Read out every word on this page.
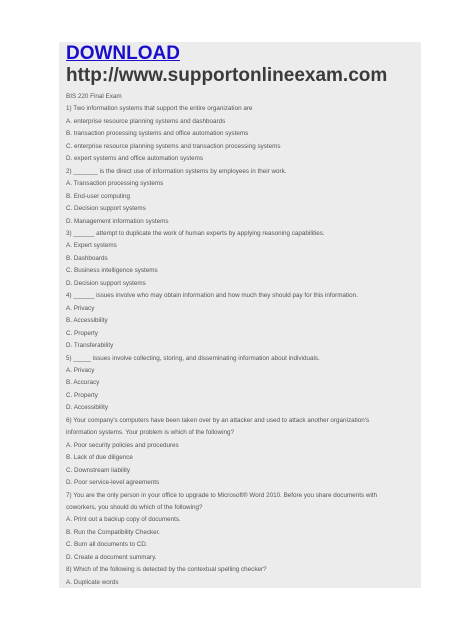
DOWNLOAD
http://www.supportonlineexam.com
BIS 220 Final Exam
1) Two information systems that support the entire organization are
A. enterprise resource planning systems and dashboards
B. transaction processing systems and office automation systems
C. enterprise resource planning systems and transaction processing systems
D. expert systems and office automation systems
2) _______ is the direct use of information systems by employees in their work.
A. Transaction processing systems
B. End-user computing
C. Decision support systems
D. Management information systems
3) ______ attempt to duplicate the work of human experts by applying reasoning capabilities.
A. Expert systems
B. Dashboards
C. Business intelligence systems
D. Decision support systems
4) ______ issues involve who may obtain information and how much they should pay for this information.
A. Privacy
B. Accessibility
C. Property
D. Transferability
5) _____ issues involve collecting, storing, and disseminating information about individuals.
A. Privacy
B. Accuracy
C. Property
D. Accessibility
6) Your company's computers have been taken over by an attacker and used to attack another organization's
information systems. Your problem is which of the following?
A. Poor security policies and procedures
B. Lack of due diligence
C. Downstream liability
D. Poor service-level agreements
7) You are the only person in your office to upgrade to Microsoft® Word 2010. Before you share documents with
coworkers, you should do which of the following?
A. Print out a backup copy of documents.
B. Run the Compatibility Checker.
C. Burn all documents to CD.
D. Create a document summary.
8) Which of the following is detected by the contextual spelling checker?
A. Duplicate words
